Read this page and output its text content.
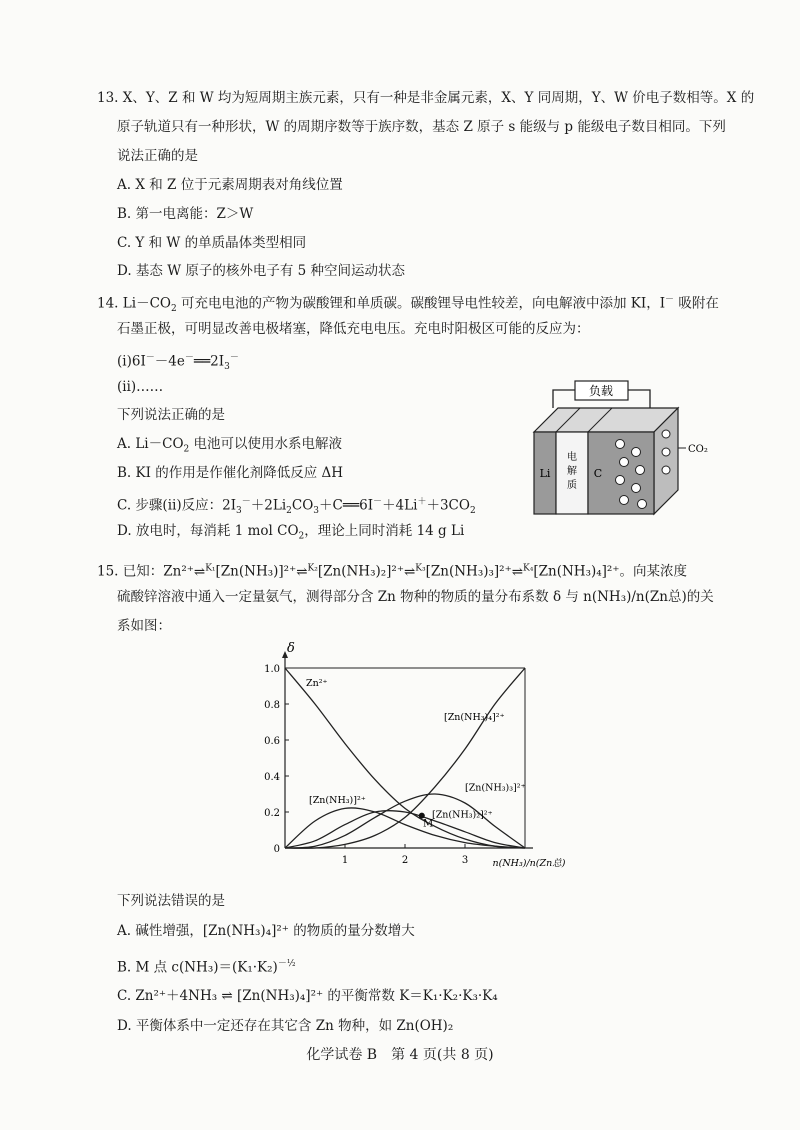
13. X、Y、Z 和 W 均为短周期主族元素，只有一种是非金属元素，X、Y 同周期，Y、W 价电子数相等。X 的
原子轨道只有一种形状，W 的周期序数等于族序数，基态 Z 原子 s 能级与 p 能级电子数目相同。下列
说法正确的是
A. X 和 Z 位于元素周期表对角线位置
B. 第一电离能：Z＞W
C. Y 和 W 的单质晶体类型相同
D. 基态 W 原子的核外电子有 5 种空间运动状态
14. $Li-CO_2$ 可充电电池的产物为碳酸锂和单质碳。碳酸锂导电性较差，向电解液中添加 KI，I－ 吸附在
石墨正极，可明显改善电极堵塞，降低充电电压。充电时阳极区可能的反应为：
$(ⅰ)6I^--4e^-══2I_3^-$
(ⅱ)……
下列说法正确的是
A. $Li-CO_2$ 电池可以使用水系电解液
B. KI 的作用是作催化剂降低反应 ΔH
C. 步骤(ⅱ)反应：$2I_3^-+2Li_2CO_3+C══6I^-+4Li^++3CO_2$
D. 放电时，每消耗 1 mol $CO_2$，理论上同时消耗 14 g Li
负载
Li
电
解
质
C
CO₂
15. 已知：Zn²⁺⇌$^{K_1}$[Zn(NH₃)]²⁺⇌$^{K_2}$[Zn(NH₃)₂]²⁺⇌$^{K_3}$[Zn(NH₃)₃]²⁺⇌$^{K_4}$[Zn(NH₃)₄]²⁺。向某浓度
硫酸锌溶液中通入一定量氨气，测得部分含 Zn 物种的物质的量分布系数 δ 与 n(NH₃)/n(Zn总)的关
系如图：
δ
0
0.2
0.4
0.6
0.8
1.0
1	2	3	n(NH₃)/n(Zn总)
Zn²⁺
[Zn(NH₃)₄]²⁺
[Zn(NH₃)₃]²⁺
[Zn(NH₃)]²⁺
[Zn(NH₃)₂]²⁺
M
下列说法错误的是
A. 碱性增强，[Zn(NH₃)₄]²⁺ 的物质的量分数增大
B. M 点 $c(NH_3)=(K_1\cdot K_2)^{-\frac{1}{2}}$
C. Zn²⁺＋4NH₃ ⇌ [Zn(NH₃)₄]²⁺ 的平衡常数 K＝K₁·K₂·K₃·K₄
D. 平衡体系中一定还存在其它含 Zn 物种，如 Zn(OH)₂
化学试卷 B　第 4 页(共 8 页)
